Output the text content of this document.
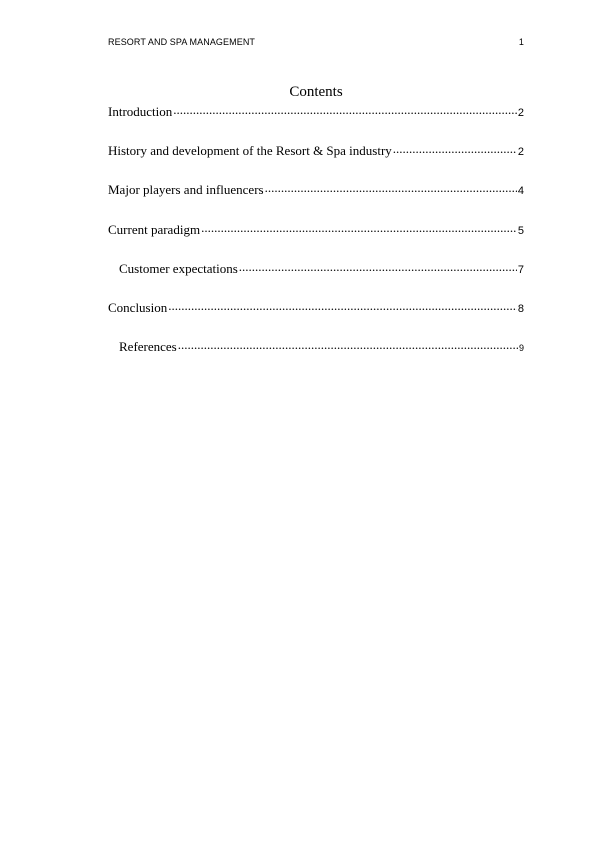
RESORT AND SPA MANAGEMENT	1
Contents
Introduction .....	2
History and development of the Resort & Spa industry .....	2
Major players and influencers .....	4
Current paradigm .....	5
Customer expectations .....	7
Conclusion .....	8
References .....	9
